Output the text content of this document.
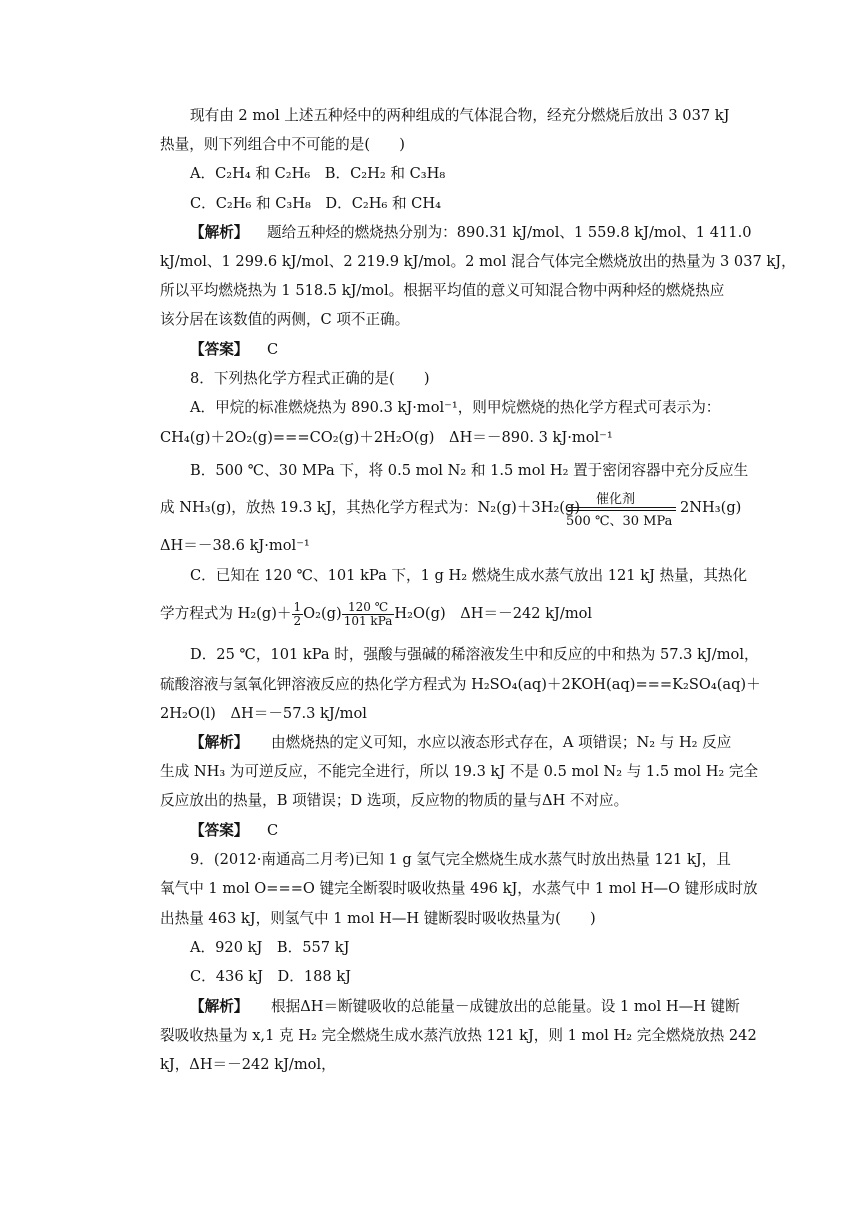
现有由 2 mol 上述五种烃中的两种组成的气体混合物，经充分燃烧后放出 3 037 kJ
热量，则下列组合中不可能的是(　　)
A．C₂H₄ 和 C₂H₆　B．C₂H₂ 和 C₃H₈
C．C₂H₆ 和 C₃H₈　D．C₂H₆ 和 CH₄
【解析】 题给五种烃的燃烧热分别为：890.31 kJ/mol、1 559.8 kJ/mol、1 411.0
kJ/mol、1 299.6 kJ/mol、2 219.9 kJ/mol。2 mol 混合气体完全燃烧放出的热量为 3 037 kJ，
所以平均燃烧热为 1 518.5 kJ/mol。根据平均值的意义可知混合物中两种烃的燃烧热应
该分居在该数值的两侧，C 项不正确。
【答案】 C
8．下列热化学方程式正确的是(　　)
A．甲烷的标准燃烧热为 890.3 kJ·mol⁻¹，则甲烷燃烧的热化学方程式可表示为：
CH₄(g)＋2O₂(g)===CO₂(g)＋2H₂O(g)　ΔH＝－890. 3 kJ·mol⁻¹
B．500 ℃、30 MPa 下，将 0.5 mol N₂ 和 1.5 mol H₂ 置于密闭容器中充分反应生
成 NH₃(g)，放热 19.3 kJ，其热化学方程式为：N₂(g)＋3H₂(g) 催化剂
500 ℃、30 MPa
2NH₃(g)
ΔH＝－38.6 kJ·mol⁻¹
C．已知在 120 ℃、101 kPa 下，1 g H₂ 燃烧生成水蒸气放出 121 kJ 热量，其热化
学方程式为 $H_2(g)+ \frac{1}{2} O_2(g)$ 120 ℃
101 kPa H₂O(g)　ΔH＝－242 kJ/mol
D．25 ℃，101 kPa 时，强酸与强碱的稀溶液发生中和反应的中和热为 57.3 kJ/mol，
硫酸溶液与氢氧化钾溶液反应的热化学方程式为 H₂SO₄(aq)＋2KOH(aq)===K₂SO₄(aq)＋
2H₂O(l)　ΔH＝－57.3 kJ/mol
【解析】 由燃烧热的定义可知，水应以液态形式存在，A 项错误；N₂ 与 H₂ 反应
生成 NH₃ 为可逆反应，不能完全进行，所以 19.3 kJ 不是 0.5 mol N₂ 与 1.5 mol H₂ 完全
反应放出的热量，B 项错误；D 选项，反应物的物质的量与ΔH 不对应。
【答案】 C
9．(2012·南通高二月考)已知 1 g 氢气完全燃烧生成水蒸气时放出热量 121 kJ，且
氧气中 1 mol O===O 键完全断裂时吸收热量 496 kJ，水蒸气中 1 mol H—O 键形成时放
出热量 463 kJ，则氢气中 1 mol H—H 键断裂时吸收热量为(　　)
A．920 kJ　B．557 kJ
C．436 kJ　D．188 kJ
【解析】 根据ΔH＝断键吸收的总能量－成键放出的总能量。设 1 mol H—H 键断
裂吸收热量为 x,1 克 H₂ 完全燃烧生成水蒸汽放热 121 kJ，则 1 mol H₂ 完全燃烧放热 242
kJ，ΔH＝－242 kJ/mol，
